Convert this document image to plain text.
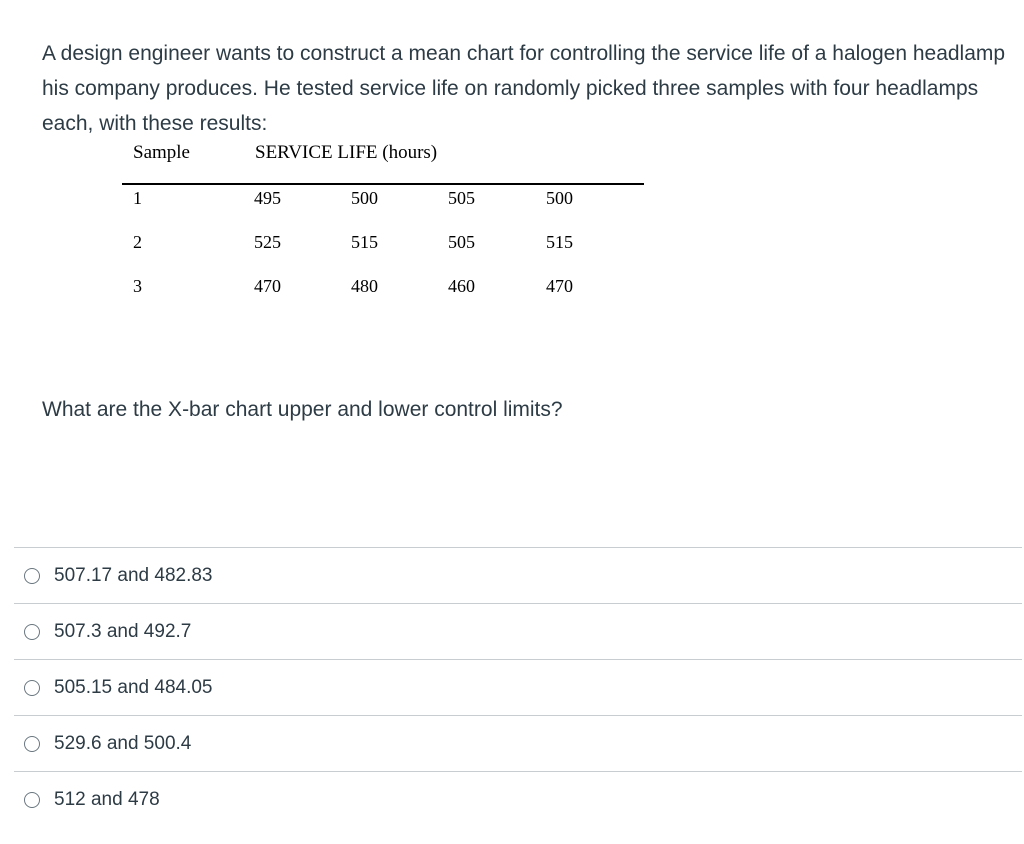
A design engineer wants to construct a mean chart for controlling the service life of a halogen headlamp his company produces. He tested service life on randomly picked three samples with four headlamps each, with these results:
Sample	SERVICE LIFE (hours)
1	495	500	505	500
2	525	515	505	515
3	470	480	460	470
What are the X-bar chart upper and lower control limits?
507.17 and 482.83
507.3 and 492.7
505.15 and 484.05
529.6 and 500.4
512 and 478
